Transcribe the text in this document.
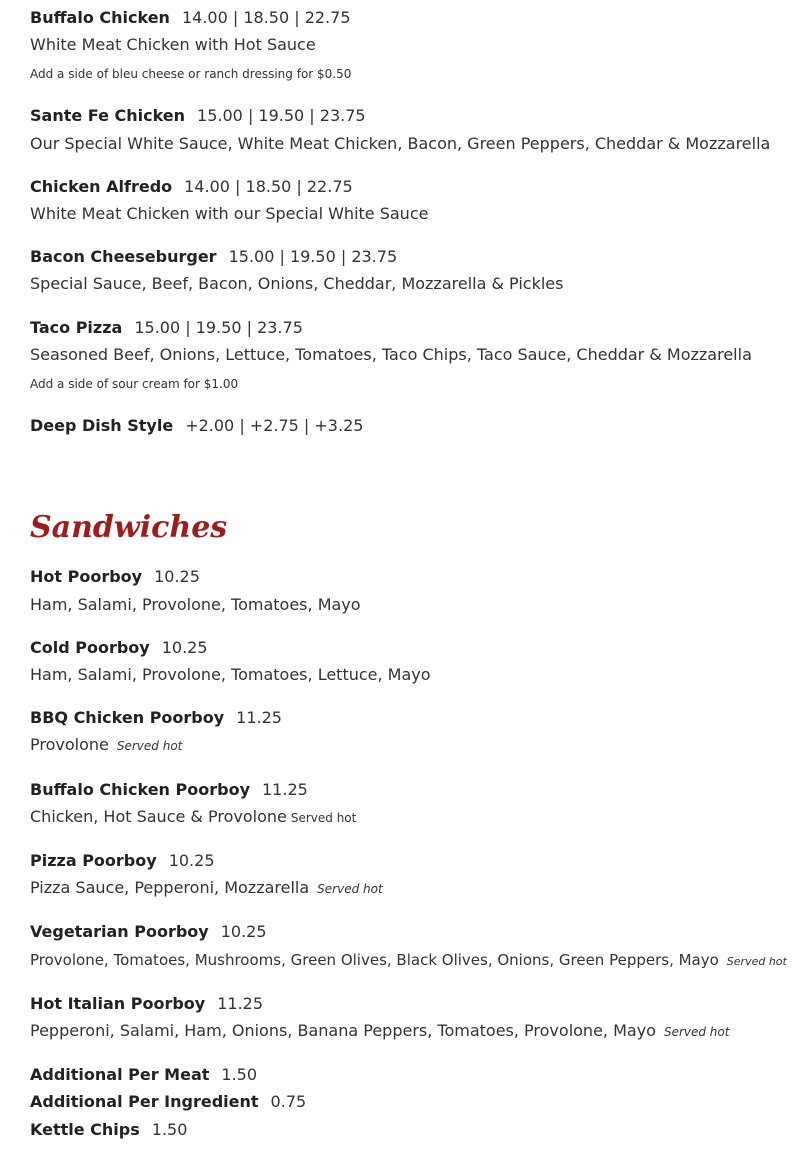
Buffalo Chicken 14.00 | 18.50 | 22.75
White Meat Chicken with Hot Sauce
Add a side of bleu cheese or ranch dressing for $0.50
Sante Fe Chicken 15.00 | 19.50 | 23.75
Our Special White Sauce, White Meat Chicken, Bacon, Green Peppers, Cheddar & Mozzarella
Chicken Alfredo 14.00 | 18.50 | 22.75
White Meat Chicken with our Special White Sauce
Bacon Cheeseburger 15.00 | 19.50 | 23.75
Special Sauce, Beef, Bacon, Onions, Cheddar, Mozzarella & Pickles
Taco Pizza 15.00 | 19.50 | 23.75
Seasoned Beef, Onions, Lettuce, Tomatoes, Taco Chips, Taco Sauce, Cheddar & Mozzarella
Add a side of sour cream for $1.00
Deep Dish Style +2.00 | +2.75 | +3.25
Sandwiches
Hot Poorboy 10.25
Ham, Salami, Provolone, Tomatoes, Mayo
Cold Poorboy 10.25
Ham, Salami, Provolone, Tomatoes, Lettuce, Mayo
BBQ Chicken Poorboy 11.25
Provolone Served hot
Buffalo Chicken Poorboy 11.25
Chicken, Hot Sauce & Provolone Served hot
Pizza Poorboy 10.25
Pizza Sauce, Pepperoni, Mozzarella Served hot
Vegetarian Poorboy 10.25
Provolone, Tomatoes, Mushrooms, Green Olives, Black Olives, Onions, Green Peppers, Mayo Served hot
Hot Italian Poorboy 11.25
Pepperoni, Salami, Ham, Onions, Banana Peppers, Tomatoes, Provolone, Mayo Served hot
Additional Per Meat 1.50
Additional Per Ingredient 0.75
Kettle Chips 1.50
